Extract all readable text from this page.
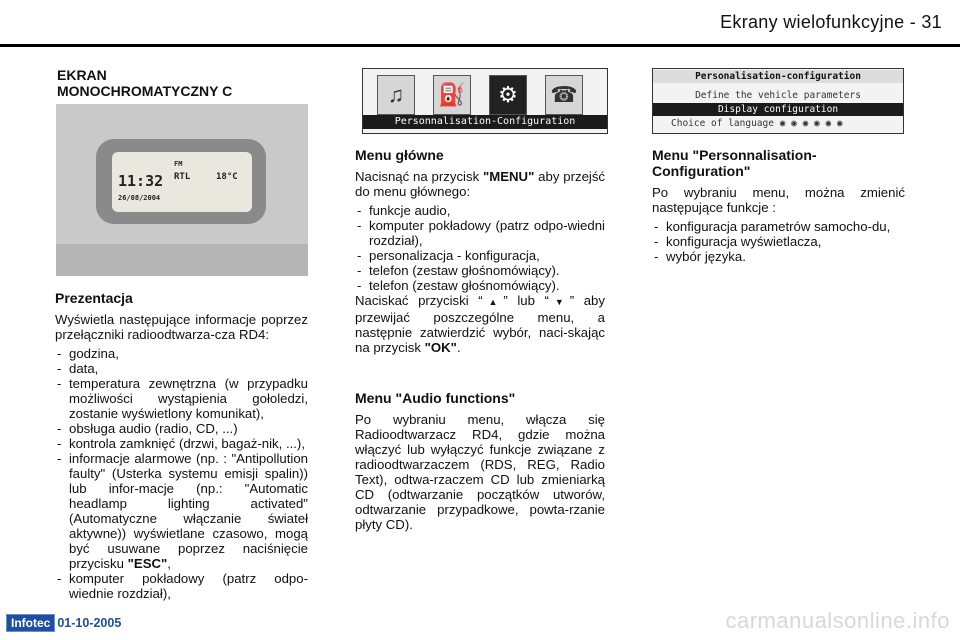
Ekrany wielofunkcyjne - 31
EKRAN
MONOCHROMATYCZNY C
11:32
26/08/2004
RTL
FM
18°C
Prezentacja

Wyświetla następujące informacje poprzez przełączniki radioodtwarza-cza RD4:

- godzina,
- data,
- temperatura zewnętrzna (w przypadku możliwości wystąpienia gołoledzi, zostanie wyświetlony komunikat),
- obsługa audio (radio, CD, ...)
- kontrola zamknięć (drzwi, bagaż-nik, ...),
- informacje alarmowe (np. : "Antipollution faulty" (Usterka systemu emisji spalin)) lub infor-macje (np.: "Automatic headlamp lighting activated" (Automatyczne włączanie świateł aktywne)) wyświetlane czasowo, mogą być usuwane poprzez naciśnięcie przycisku "ESC",
- komputer pokładowy (patrz odpo-wiednie rozdział),
♫	⛽	⚙	☎
Personnalisation-Configuration
Menu główne

Nacisnąć na przycisk "MENU" aby przejść do menu głównego:

- funkcje audio,
- komputer pokładowy (patrz odpo-wiedni rozdział),
- personalizacja - konfiguracja,
- telefon (zestaw głośnomówiący).
- telefon (zestaw głośnomówiący).

Naciskać przyciski “▲” lub “▼” aby przewijać poszczególne menu, a następnie zatwierdzić wybór, naci-skając na przycisk "OK".

Menu "Audio functions"

Po wybraniu menu, włącza się Radioodtwarzacz RD4, gdzie można włączyć lub wyłączyć funkcje związane z radioodtwarzaczem (RDS, REG, Radio Text), odtwa-rzaczem CD lub zmieniarką CD (odtwarzanie początków utworów, odtwarzanie przypadkowe, powta-rzanie płyty CD).

Personalisation-configuration
Define the vehicle parameters
Display configuration
Choice of language ◉ ◉ ◉ ◉ ◉ ◉
Menu "Personnalisation-Configuration"

Po wybraniu menu, można zmienić następujące funkcje :

- konfiguracja parametrów samocho-du,
- konfiguracja wyświetlacza,
- wybór języka.
Infotec 01-10-2005	carmanualsonline.info
